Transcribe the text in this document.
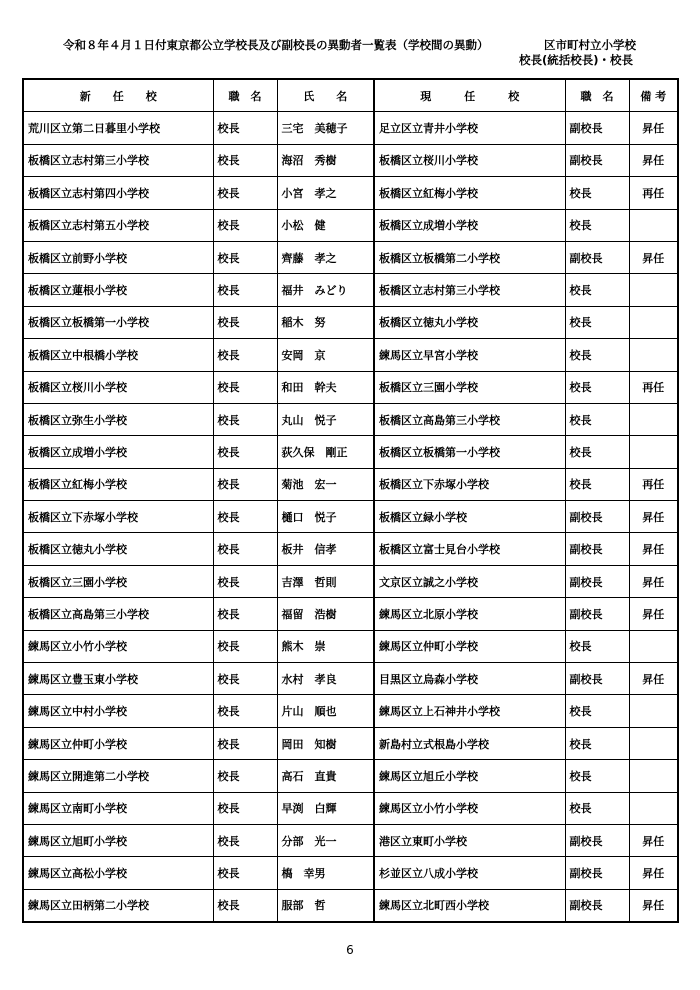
令和８年４月１日付東京都公立学校長及び副校長の異動者一覧表（学校間の異動）	区市町村立小学校
校長(統括校長)・校長
新　　任　　校	職　名	氏　　名	現　　　任　　　校	職　名	備 考
荒川区立第二日暮里小学校	校長	三宅　美穂子	足立区立青井小学校	副校長	昇任
板橋区立志村第三小学校	校長	海沼　秀樹	板橋区立桜川小学校	副校長	昇任
板橋区立志村第四小学校	校長	小宮　孝之	板橋区立紅梅小学校	校長	再任
板橋区立志村第五小学校	校長	小松　健	板橋区立成増小学校	校長	
板橋区立前野小学校	校長	齊藤　孝之	板橋区立板橋第二小学校	副校長	昇任
板橋区立蓮根小学校	校長	福井　みどり	板橋区立志村第三小学校	校長	
板橋区立板橋第一小学校	校長	稲木　努	板橋区立徳丸小学校	校長	
板橋区立中根橋小学校	校長	安岡　京	練馬区立早宮小学校	校長	
板橋区立桜川小学校	校長	和田　幹夫	板橋区立三園小学校	校長	再任
板橋区立弥生小学校	校長	丸山　悦子	板橋区立高島第三小学校	校長	
板橋区立成増小学校	校長	荻久保　剛正	板橋区立板橋第一小学校	校長	
板橋区立紅梅小学校	校長	菊池　宏一	板橋区立下赤塚小学校	校長	再任
板橋区立下赤塚小学校	校長	樋口　悦子	板橋区立緑小学校	副校長	昇任
板橋区立徳丸小学校	校長	板井　信孝	板橋区立富士見台小学校	副校長	昇任
板橋区立三園小学校	校長	吉澤　哲則	文京区立誠之小学校	副校長	昇任
板橋区立高島第三小学校	校長	福留　浩樹	練馬区立北原小学校	副校長	昇任
練馬区立小竹小学校	校長	熊木　崇	練馬区立仲町小学校	校長	
練馬区立豊玉東小学校	校長	水村　孝良	目黒区立烏森小学校	副校長	昇任
練馬区立中村小学校	校長	片山　順也	練馬区立上石神井小学校	校長	
練馬区立仲町小学校	校長	岡田　知樹	新島村立式根島小学校	校長	
練馬区立開進第二小学校	校長	高石　直貴	練馬区立旭丘小学校	校長	
練馬区立南町小学校	校長	早渕　白輝	練馬区立小竹小学校	校長	
練馬区立旭町小学校	校長	分部　光一	港区立東町小学校	副校長	昇任
練馬区立高松小学校	校長	槗　幸男	杉並区立八成小学校	副校長	昇任
練馬区立田柄第二小学校	校長	服部　哲	練馬区立北町西小学校	副校長	昇任
6
